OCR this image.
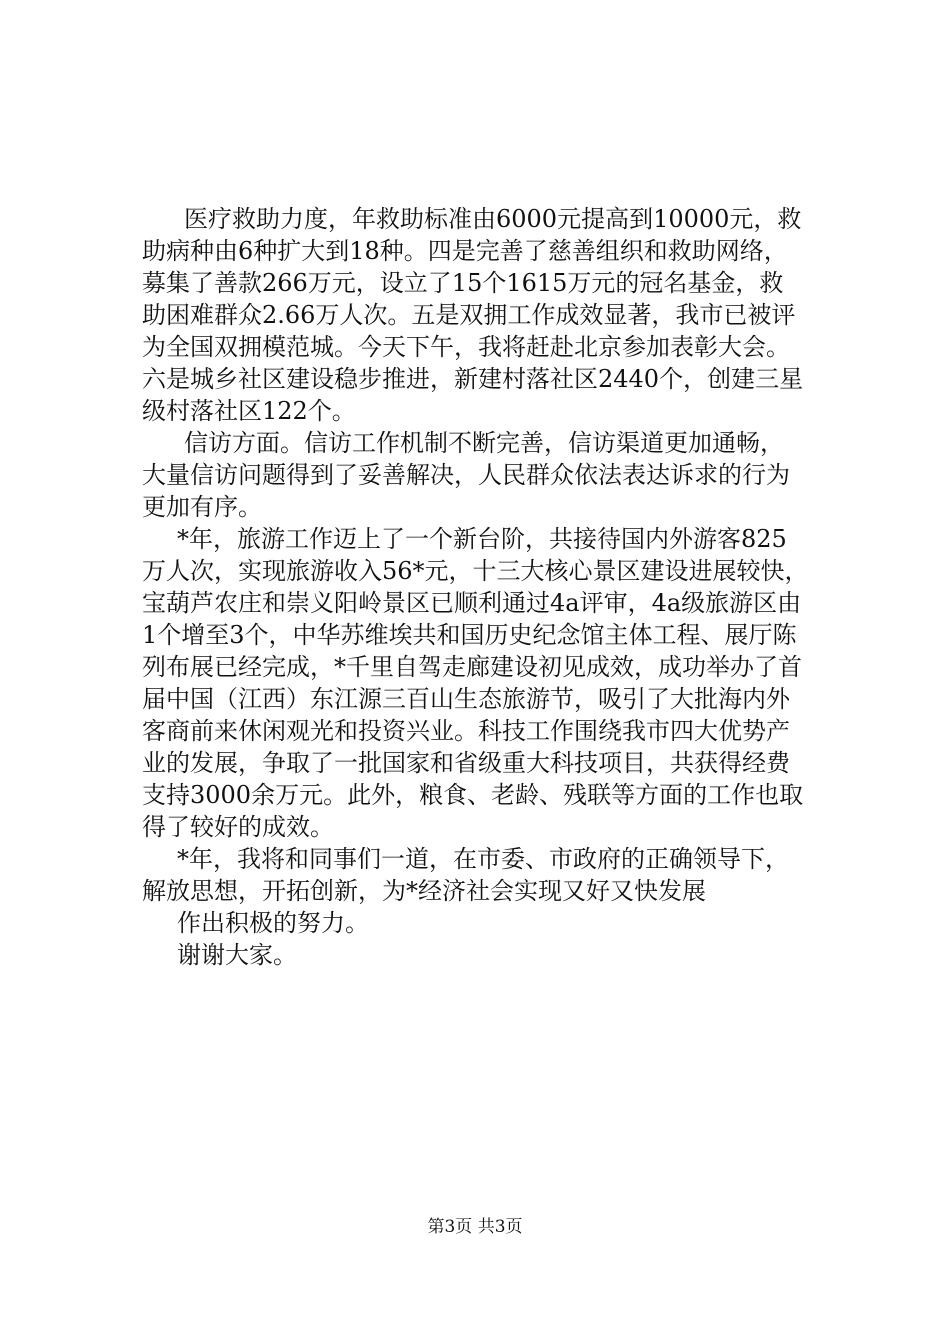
医疗救助力度，年救助标准由6000元提高到10000元，救
助病种由6种扩大到18种。四是完善了慈善组织和救助网络，
募集了善款266万元，设立了15个1615万元的冠名基金，救
助困难群众2.66万人次。五是双拥工作成效显著，我市已被评
为全国双拥模范城。今天下午，我将赶赴北京参加表彰大会。
六是城乡社区建设稳步推进，新建村落社区2440个，创建三星
级村落社区122个。
信访方面。信访工作机制不断完善，信访渠道更加通畅，
大量信访问题得到了妥善解决，人民群众依法表达诉求的行为
更加有序。
*年，旅游工作迈上了一个新台阶，共接待国内外游客825
万人次，实现旅游收入56*元，十三大核心景区建设进展较快，
宝葫芦农庄和崇义阳岭景区已顺利通过4a评审，4a级旅游区由
1个增至3个，中华苏维埃共和国历史纪念馆主体工程、展厅陈
列布展已经完成，*千里自驾走廊建设初见成效，成功举办了首
届中国（江西）东江源三百山生态旅游节，吸引了大批海内外
客商前来休闲观光和投资兴业。科技工作围绕我市四大优势产
业的发展，争取了一批国家和省级重大科技项目，共获得经费
支持3000余万元。此外，粮食、老龄、残联等方面的工作也取
得了较好的成效。
*年，我将和同事们一道，在市委、市政府的正确领导下，
解放思想，开拓创新，为*经济社会实现又好又快发展
作出积极的努力。
谢谢大家。
第3页 共3页
